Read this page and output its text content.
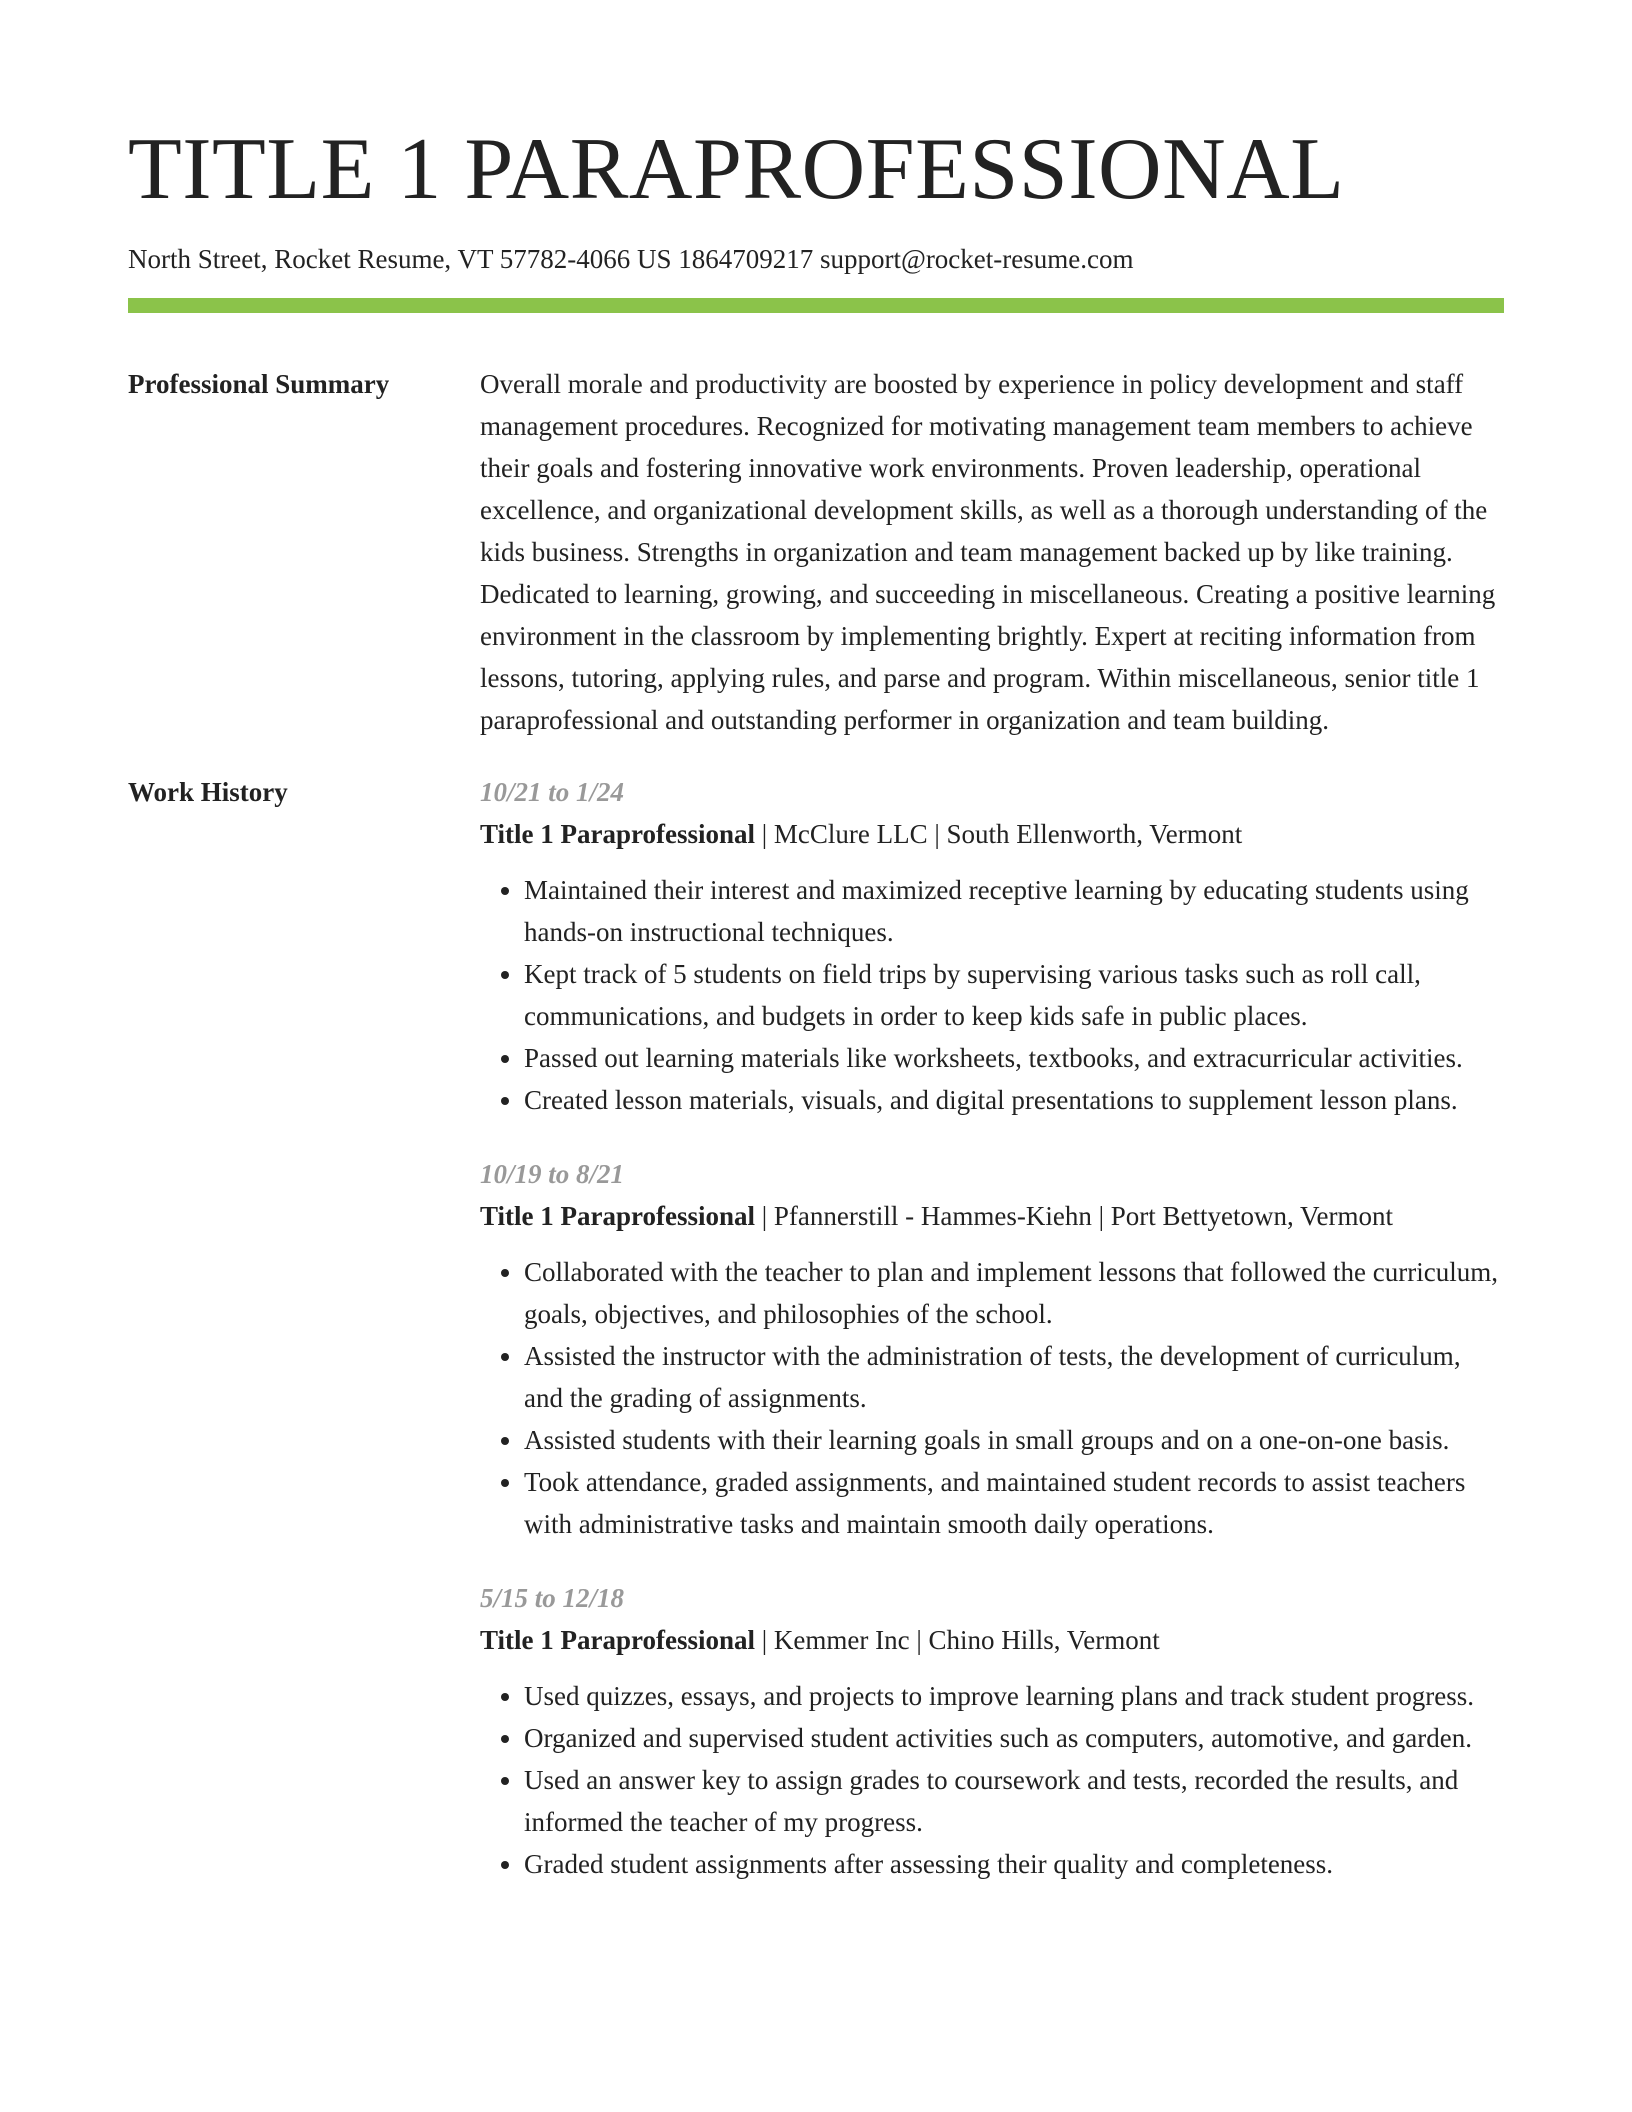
TITLE 1 PARAPROFESSIONAL
North Street, Rocket Resume, VT 57782-4066 US 1864709217 support@rocket-resume.com
Professional Summary	Overall morale and productivity are boosted by experience in policy development and staff management procedures. Recognized for motivating management team members to achieve their goals and fostering innovative work environments. Proven leadership, operational excellence, and organizational development skills, as well as a thorough understanding of the kids business. Strengths in organization and team management backed up by like training. Dedicated to learning, growing, and succeeding in miscellaneous. Creating a positive learning environment in the classroom by implementing brightly. Expert at reciting information from lessons, tutoring, applying rules, and parse and program. Within miscellaneous, senior title 1 paraprofessional and outstanding performer in organization and team building.

Work History	10/21 to 1/24
Title 1 Paraprofessional | McClure LLC | South Ellenworth, Vermont
• Maintained their interest and maximized receptive learning by educating students using hands-on instructional techniques.
• Kept track of 5 students on field trips by supervising various tasks such as roll call, communications, and budgets in order to keep kids safe in public places.
• Passed out learning materials like worksheets, textbooks, and extracurricular activities.
• Created lesson materials, visuals, and digital presentations to supplement lesson plans.
10/19 to 8/21
Title 1 Paraprofessional | Pfannerstill - Hammes-Kiehn | Port Bettyetown, Vermont
• Collaborated with the teacher to plan and implement lessons that followed the curriculum, goals, objectives, and philosophies of the school.
• Assisted the instructor with the administration of tests, the development of curriculum, and the grading of assignments.
• Assisted students with their learning goals in small groups and on a one-on-one basis.
• Took attendance, graded assignments, and maintained student records to assist teachers with administrative tasks and maintain smooth daily operations.
5/15 to 12/18
Title 1 Paraprofessional | Kemmer Inc | Chino Hills, Vermont
• Used quizzes, essays, and projects to improve learning plans and track student progress.
• Organized and supervised student activities such as computers, automotive, and garden.
• Used an answer key to assign grades to coursework and tests, recorded the results, and informed the teacher of my progress.
• Graded student assignments after assessing their quality and completeness.
